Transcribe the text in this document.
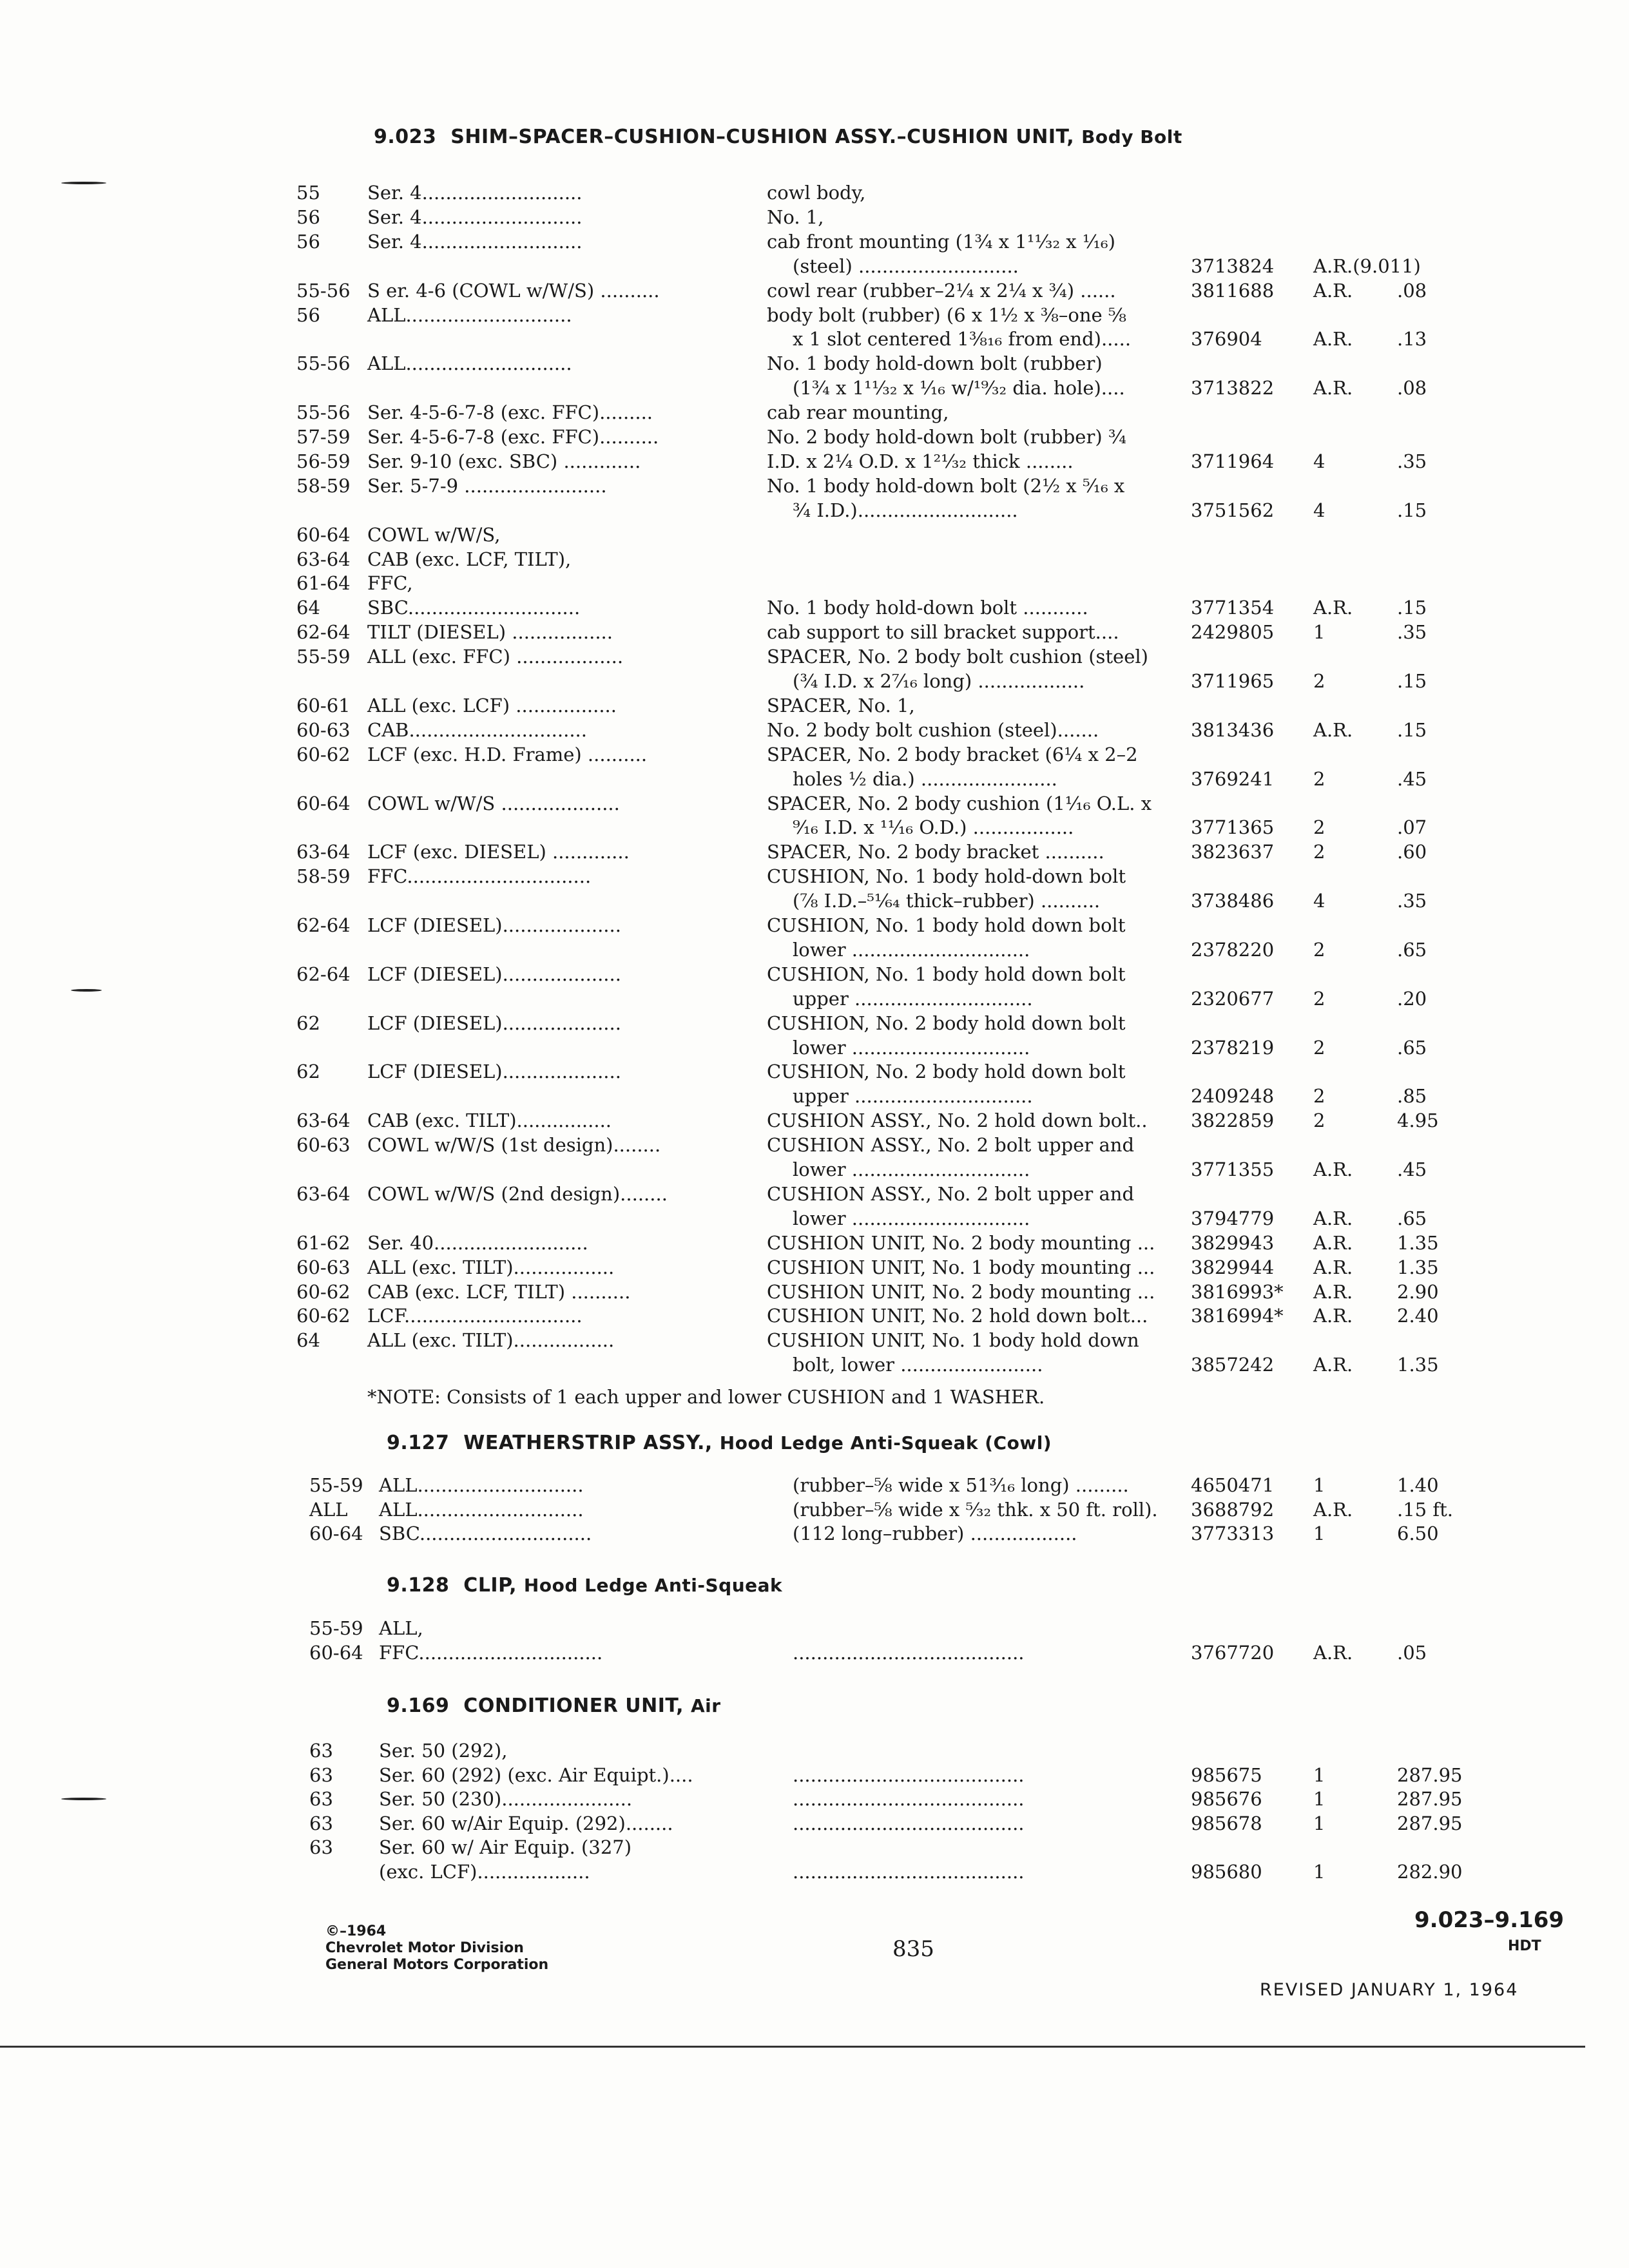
9.023 SHIM–SPACER–CUSHION–CUSHION ASSY.–CUSHION UNIT, Body Bolt
55	Ser. 4...........................	cowl body,
56	Ser. 4...........................	No. 1,
56	Ser. 4...........................	cab front mounting (1¾ x 1¹¹⁄₃₂ x ⅟₁₆)
(steel) ...........................	3713824 A.R.(9.011)
55-56 S er. 4-6 (COWL w/W/S) ..........	cowl rear (rubber–2¼ x 2¼ x ¾) ......	3811688 A.R. .08
56	ALL............................	body bolt (rubber) (6 x 1½ x ⅜–one ⅝
x 1 slot centered 1⅜₁₆ from end).....	376904	A.R. .13
55-56 ALL............................	No. 1 body hold-down bolt (rubber)
(1¾ x 1¹¹⁄₃₂ x ⅟₁₆ w/¹⁹⁄₃₂ dia. hole)....	3713822 A.R. .08
55-56 Ser. 4-5-6-7-8 (exc. FFC).........	cab rear mounting,
57-59 Ser. 4-5-6-7-8 (exc. FFC)..........	No. 2 body hold-down bolt (rubber) ¾
56-59 Ser. 9-10 (exc. SBC) .............	I.D. x 2¼ O.D. x 1²¹⁄₃₂ thick ........	3711964 4	.35
58-59 Ser. 5-7-9 ........................	No. 1 body hold-down bolt (2½ x ⁵⁄₁₆ x
¾ I.D.)...........................	3751562 4	.15
60-64 COWL w/W/S,
63-64 CAB (exc. LCF, TILT),
61-64 FFC,
64	SBC.............................	No. 1 body hold-down bolt ...........	3771354 A.R. .15
62-64 TILT (DIESEL) .................	cab support to sill bracket support....	2429805 1	.35
55-59 ALL (exc. FFC) ..................	SPACER, No. 2 body bolt cushion (steel)
(¾ I.D. x 2⁷⁄₁₆ long) ..................	3711965 2	.15
60-61 ALL (exc. LCF) .................	SPACER, No. 1,
60-63 CAB..............................	No. 2 body bolt cushion (steel).......	3813436 A.R. .15
60-62 LCF (exc. H.D. Frame) ..........	SPACER, No. 2 body bracket (6¼ x 2–2
holes ½ dia.) .......................	3769241 2	.45
60-64 COWL w/W/S ....................	SPACER, No. 2 body cushion (1⅟₁₆ O.L. x
⁹⁄₁₆ I.D. x ¹¹⁄₁₆ O.D.) .................	3771365 2	.07
63-64 LCF (exc. DIESEL) .............	SPACER, No. 2 body bracket ..........	3823637 2	.60
58-59 FFC...............................	CUSHION, No. 1 body hold-down bolt
(⅞ I.D.–⁵¹⁄₆₄ thick–rubber) ..........	3738486 4	.35
62-64 LCF (DIESEL)....................	CUSHION, No. 1 body hold down bolt
lower ..............................	2378220 2	.65
62-64 LCF (DIESEL)....................	CUSHION, No. 1 body hold down bolt
upper ..............................	2320677 2	.20
62	LCF (DIESEL)....................	CUSHION, No. 2 body hold down bolt
lower ..............................	2378219 2	.65
62	LCF (DIESEL)....................	CUSHION, No. 2 body hold down bolt
upper ..............................	2409248 2	.85
63-64 CAB (exc. TILT)................	CUSHION ASSY., No. 2 hold down bolt.. 3822859 2	4.95
60-63 COWL w/W/S (1st design)........	CUSHION ASSY., No. 2 bolt upper and
lower ..............................	3771355 A.R. .45
63-64 COWL w/W/S (2nd design)........	CUSHION ASSY., No. 2 bolt upper and
lower ..............................	3794779 A.R. .65
61-62 Ser. 40..........................	CUSHION UNIT, No. 2 body mounting ... 3829943 A.R. 1.35
60-63 ALL (exc. TILT).................	CUSHION UNIT, No. 1 body mounting ... 3829944 A.R. 1.35
60-62 CAB (exc. LCF, TILT) ..........	CUSHION UNIT, No. 2 body mounting ... 3816993* A.R. 2.90
60-62 LCF..............................	CUSHION UNIT, No. 2 hold down bolt... 3816994* A.R. 2.40
64	ALL (exc. TILT).................	CUSHION UNIT, No. 1 body hold down
bolt, lower ........................	3857242 A.R. 1.35
*NOTE: Consists of 1 each upper and lower CUSHION and 1 WASHER.
9.127 WEATHERSTRIP ASSY., Hood Ledge Anti-Squeak (Cowl)
55-59 ALL............................	(rubber–⅝ wide x 51³⁄₁₆ long) .........	4650471 1	1.40
ALL ALL............................	(rubber–⅝ wide x ⁵⁄₃₂ thk. x 50 ft. roll). 3688792 A.R. .15 ft.
60-64 SBC.............................	(112 long–rubber) ..................	3773313 1	6.50
9.128 CLIP, Hood Ledge Anti-Squeak
55-59 ALL,
60-64 FFC...............................	.......................................	3767720 A.R. .05
9.169 CONDITIONER UNIT, Air
63 Ser. 50 (292),
63 Ser. 60 (292) (exc. Air Equipt.)....	.......................................	985675	1	287.95
63 Ser. 50 (230)......................	.......................................	985676	1	287.95
63 Ser. 60 w/Air Equip. (292)........	.......................................	985678	1	287.95
63 Ser. 60 w/ Air Equip. (327)
(exc. LCF)...................	.......................................	985680	1	282.90
©–1964
Chevrolet Motor Division
General Motors Corporation
835
9.023–9.169
HDT
REVISED JANUARY 1, 1964
